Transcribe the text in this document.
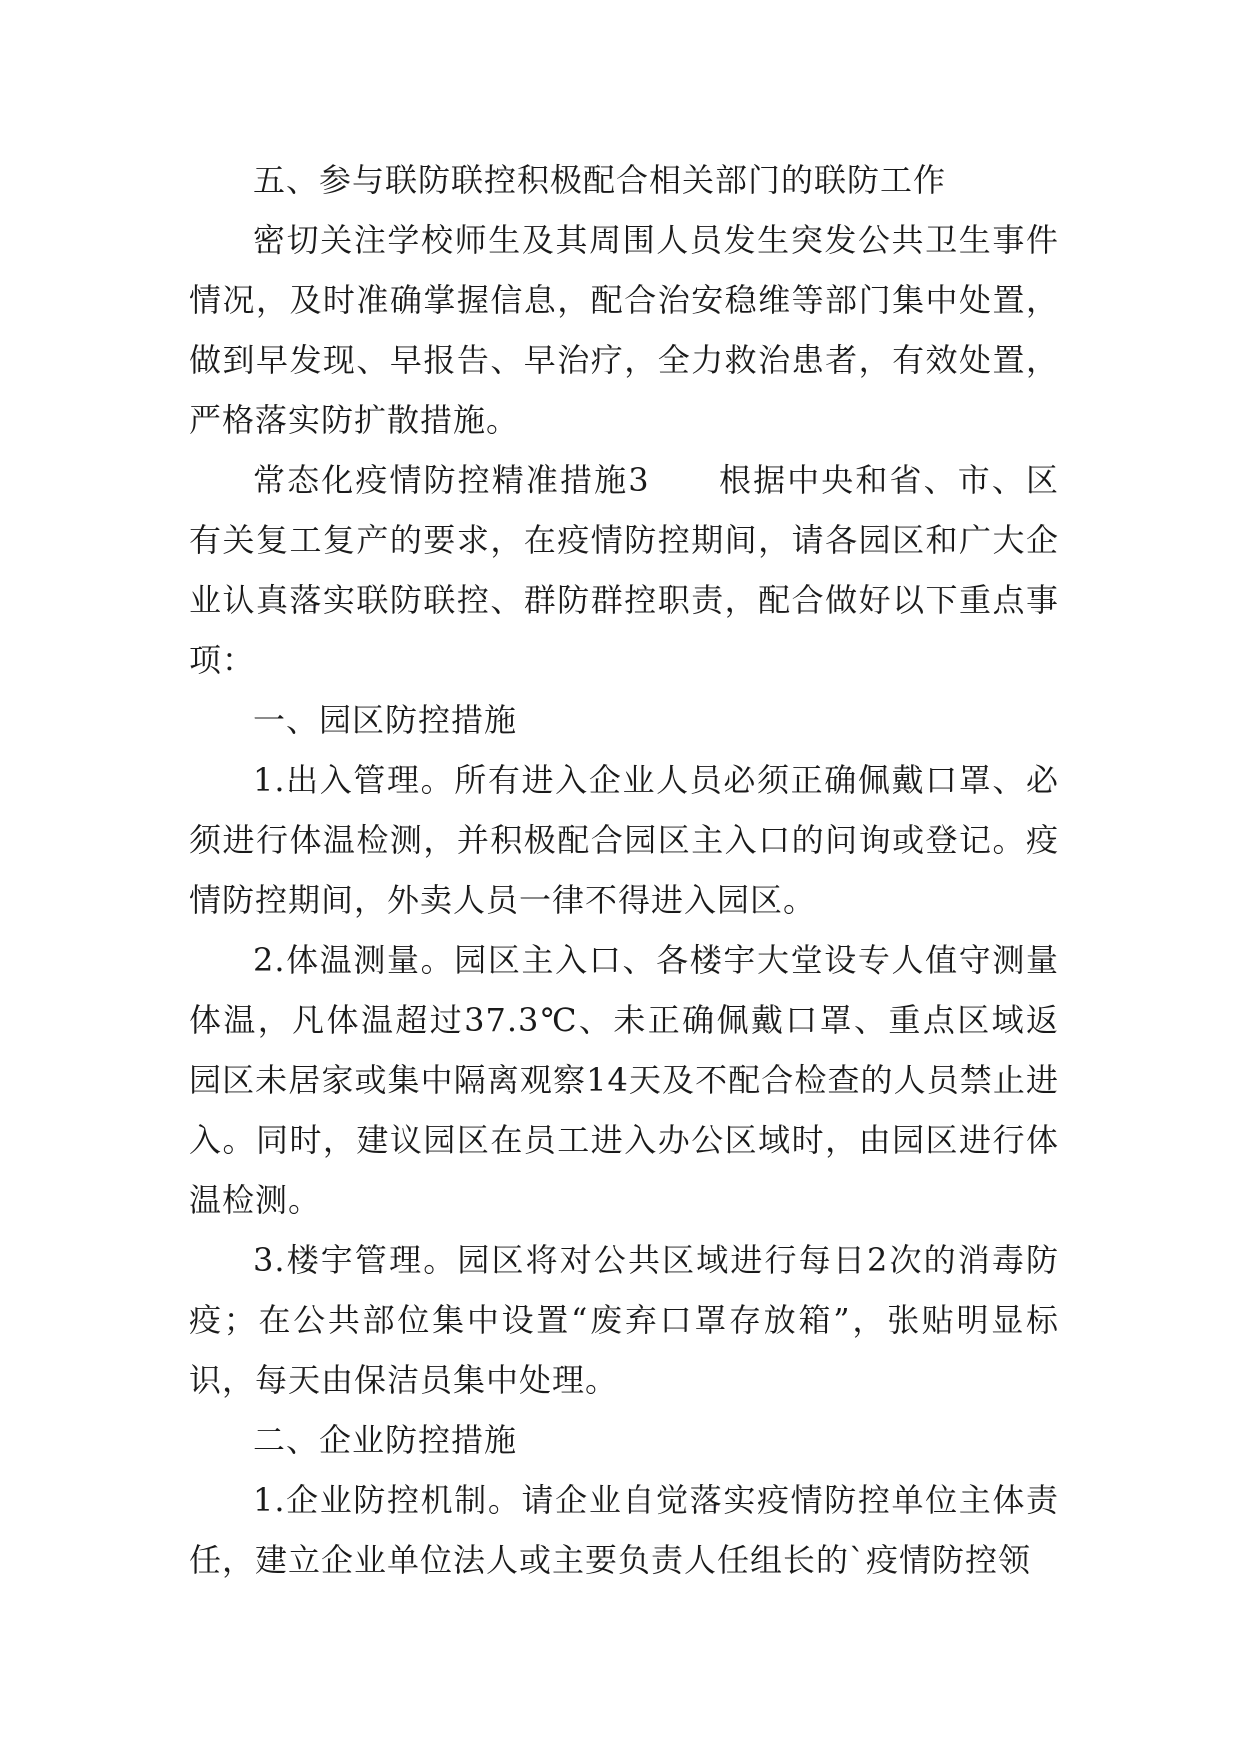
五、参与联防联控积极配合相关部门的联防工作

密切关注学校师生及其周围人员发生突发公共卫生事件情况，及时准确掌握信息，配合治安稳维等部门集中处置，做到早发现、早报告、早治疗，全力救治患者，有效处置，严格落实防扩散措施。

常态化疫情防控精准措施3　　根据中央和省、市、区有关复工复产的要求，在疫情防控期间，请各园区和广大企业认真落实联防联控、群防群控职责，配合做好以下重点事项：

一、园区防控措施

1.出入管理。所有进入企业人员必须正确佩戴口罩、必须进行体温检测，并积极配合园区主入口的问询或登记。疫情防控期间，外卖人员一律不得进入园区。

2.体温测量。园区主入口、各楼宇大堂设专人值守测量体温，凡体温超过37.3℃、未正确佩戴口罩、重点区域返园区未居家或集中隔离观察14天及不配合检查的人员禁止进入。同时，建议园区在员工进入办公区域时，由园区进行体温检测。

3.楼宇管理。园区将对公共区域进行每日2次的消毒防疫；在公共部位集中设置“废弃口罩存放箱”，张贴明显标识，每天由保洁员集中处理。

二、企业防控措施

1.企业防控机制。请企业自觉落实疫情防控单位主体责任，建立企业单位法人或主要负责人任组长的`疫情防控领
